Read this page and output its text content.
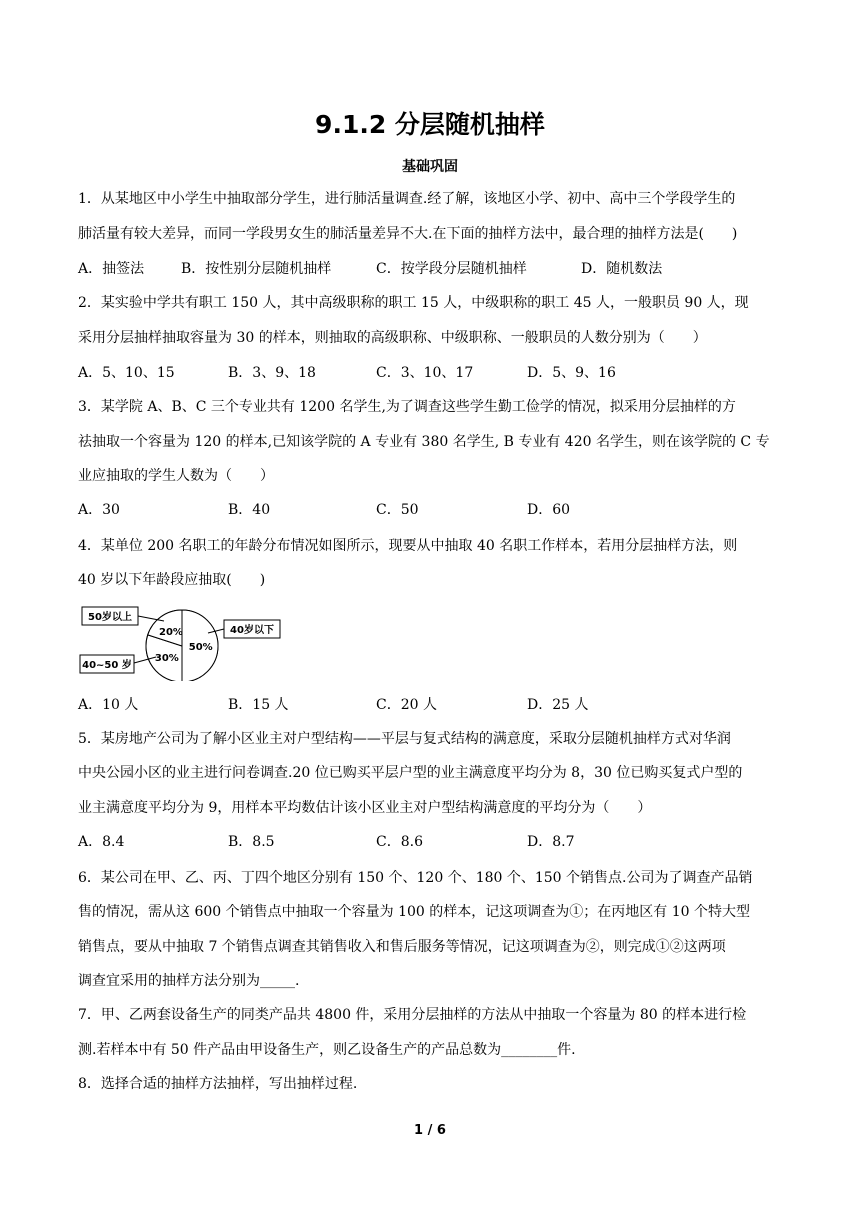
9.1.2 分层随机抽样
基础巩固
1．从某地区中小学生中抽取部分学生，进行肺活量调查.经了解，该地区小学、初中、高中三个学段学生的
肺活量有较大差异，而同一学段男女生的肺活量差异不大.在下面的抽样方法中，最合理的抽样方法是(　　)
A．抽签法	B．按性别分层随机抽样	C．按学段分层随机抽样	D．随机数法
2．某实验中学共有职工 150 人，其中高级职称的职工 15 人，中级职称的职工 45 人，一般职员 90 人，现
采用分层抽样抽取容量为 30 的样本，则抽取的高级职称、中级职称、一般职员的人数分别为（　　）
A．5、10、15	B．3、9、18	C．3、10、17	D．5、9、16
3．某学院 A、B、C 三个专业共有 1200 名学生,为了调查这些学生勤工俭学的情况，拟采用分层抽样的方
祛抽取一个容量为 120 的样本,已知该学院的 A 专业有 380 名学生, B 专业有 420 名学生，则在该学院的 C 专
业应抽取的学生人数为（　　）
A．30	B．40	C．50	D．60
4．某单位 200 名职工的年龄分布情况如图所示，现要从中抽取 40 名职工作样本，若用分层抽样方法，则
40 岁以下年龄段应抽取(　　)
50岁以上
40岁以下
40~50 岁
50%
30%
20%
A．10 人	B．15 人	C．20 人	D．25 人
5．某房地产公司为了解小区业主对户型结构——平层与复式结构的满意度，采取分层随机抽样方式对华润
中央公园小区的业主进行问卷调查.20 位已购买平层户型的业主满意度平均分为 8，30 位已购买复式户型的
业主满意度平均分为 9，用样本平均数估计该小区业主对户型结构满意度的平均分为（　　）
A．8.4	B．8.5	C．8.6	D．8.7
6．某公司在甲、乙、丙、丁四个地区分别有 150 个、120 个、180 个、150 个销售点.公司为了调查产品销
售的情况，需从这 600 个销售点中抽取一个容量为 100 的样本，记这项调查为①；在丙地区有 10 个特大型
销售点，要从中抽取 7 个销售点调查其销售收入和售后服务等情况，记这项调查为②，则完成①②这两项
调查宜采用的抽样方法分别为_____.
7．甲、乙两套设备生产的同类产品共 4800 件，采用分层抽样的方法从中抽取一个容量为 80 的样本进行检
测.若样本中有 50 件产品由甲设备生产，则乙设备生产的产品总数为________件.
8．选择合适的抽样方法抽样，写出抽样过程.
1 / 6
